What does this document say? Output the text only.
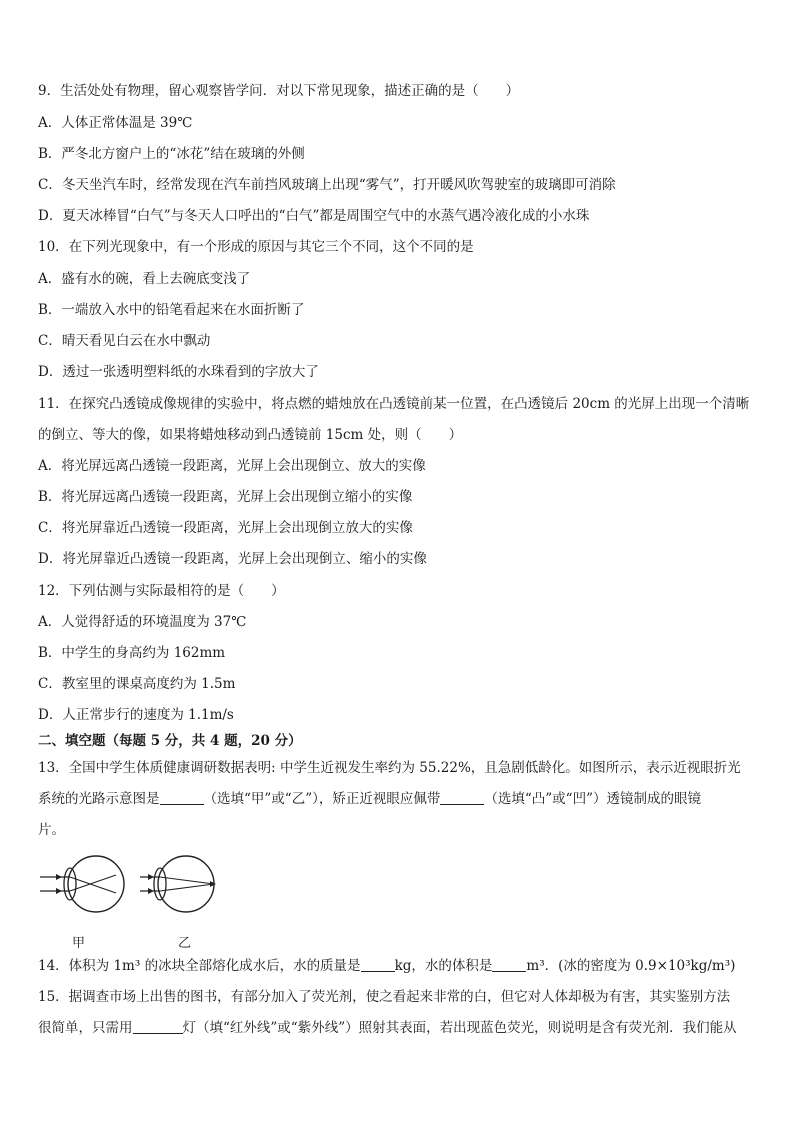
9．生活处处有物理，留心观察皆学问．对以下常见现象，描述正确的是（　　）
A．人体正常体温是 39℃
B．严冬北方窗户上的“冰花”结在玻璃的外侧
C．冬天坐汽车时，经常发现在汽车前挡风玻璃上出现“雾气”，打开暖风吹驾驶室的玻璃即可消除
D．夏天冰棒冒“白气”与冬天人口呼出的“白气”都是周围空气中的水蒸气遇冷液化成的小水珠
10．在下列光现象中，有一个形成的原因与其它三个不同，这个不同的是
A．盛有水的碗，看上去碗底变浅了
B．一端放入水中的铅笔看起来在水面折断了
C．晴天看见白云在水中飘动
D．透过一张透明塑料纸的水珠看到的字放大了
11．在探究凸透镜成像规律的实验中，将点燃的蜡烛放在凸透镜前某一位置，在凸透镜后 20cm 的光屏上出现一个清晰
的倒立、等大的像，如果将蜡烛移动到凸透镜前 15cm 处，则（　　）
A．将光屏远离凸透镜一段距离，光屏上会出现倒立、放大的实像
B．将光屏远离凸透镜一段距离，光屏上会出现倒立缩小的实像
C．将光屏靠近凸透镜一段距离，光屏上会出现倒立放大的实像
D．将光屏靠近凸透镜一段距离，光屏上会出现倒立、缩小的实像
12．下列估测与实际最相符的是（　　）
A．人觉得舒适的环境温度为 37℃
B．中学生的身高约为 162mm
C．教室里的课桌高度约为 1.5m
D．人正常步行的速度为 1.1m/s
二、填空题（每题 5 分，共 4 题，20 分）
13．全国中学生体质健康调研数据表明: 中学生近视发生率约为 55.22%，且急剧低龄化。如图所示，表示近视眼折光
系统的光路示意图是	（选填“甲”或“乙”），矫正近视眼应佩带	（选填“凸”或“凹”）透镜制成的眼镜
片。
甲	乙
14．体积为 1m³ 的冰块全部熔化成水后，水的质量是	kg，水的体积是	m³．(冰的密度为 0.9×10³kg/m³)
15．据调查市场上出售的图书，有部分加入了荧光剂，使之看起来非常的白，但它对人体却极为有害，其实鉴别方法
很简单，只需用	灯（填“红外线”或“紫外线”）照射其表面，若出现蓝色荧光，则说明是含有荧光剂．我们能从
